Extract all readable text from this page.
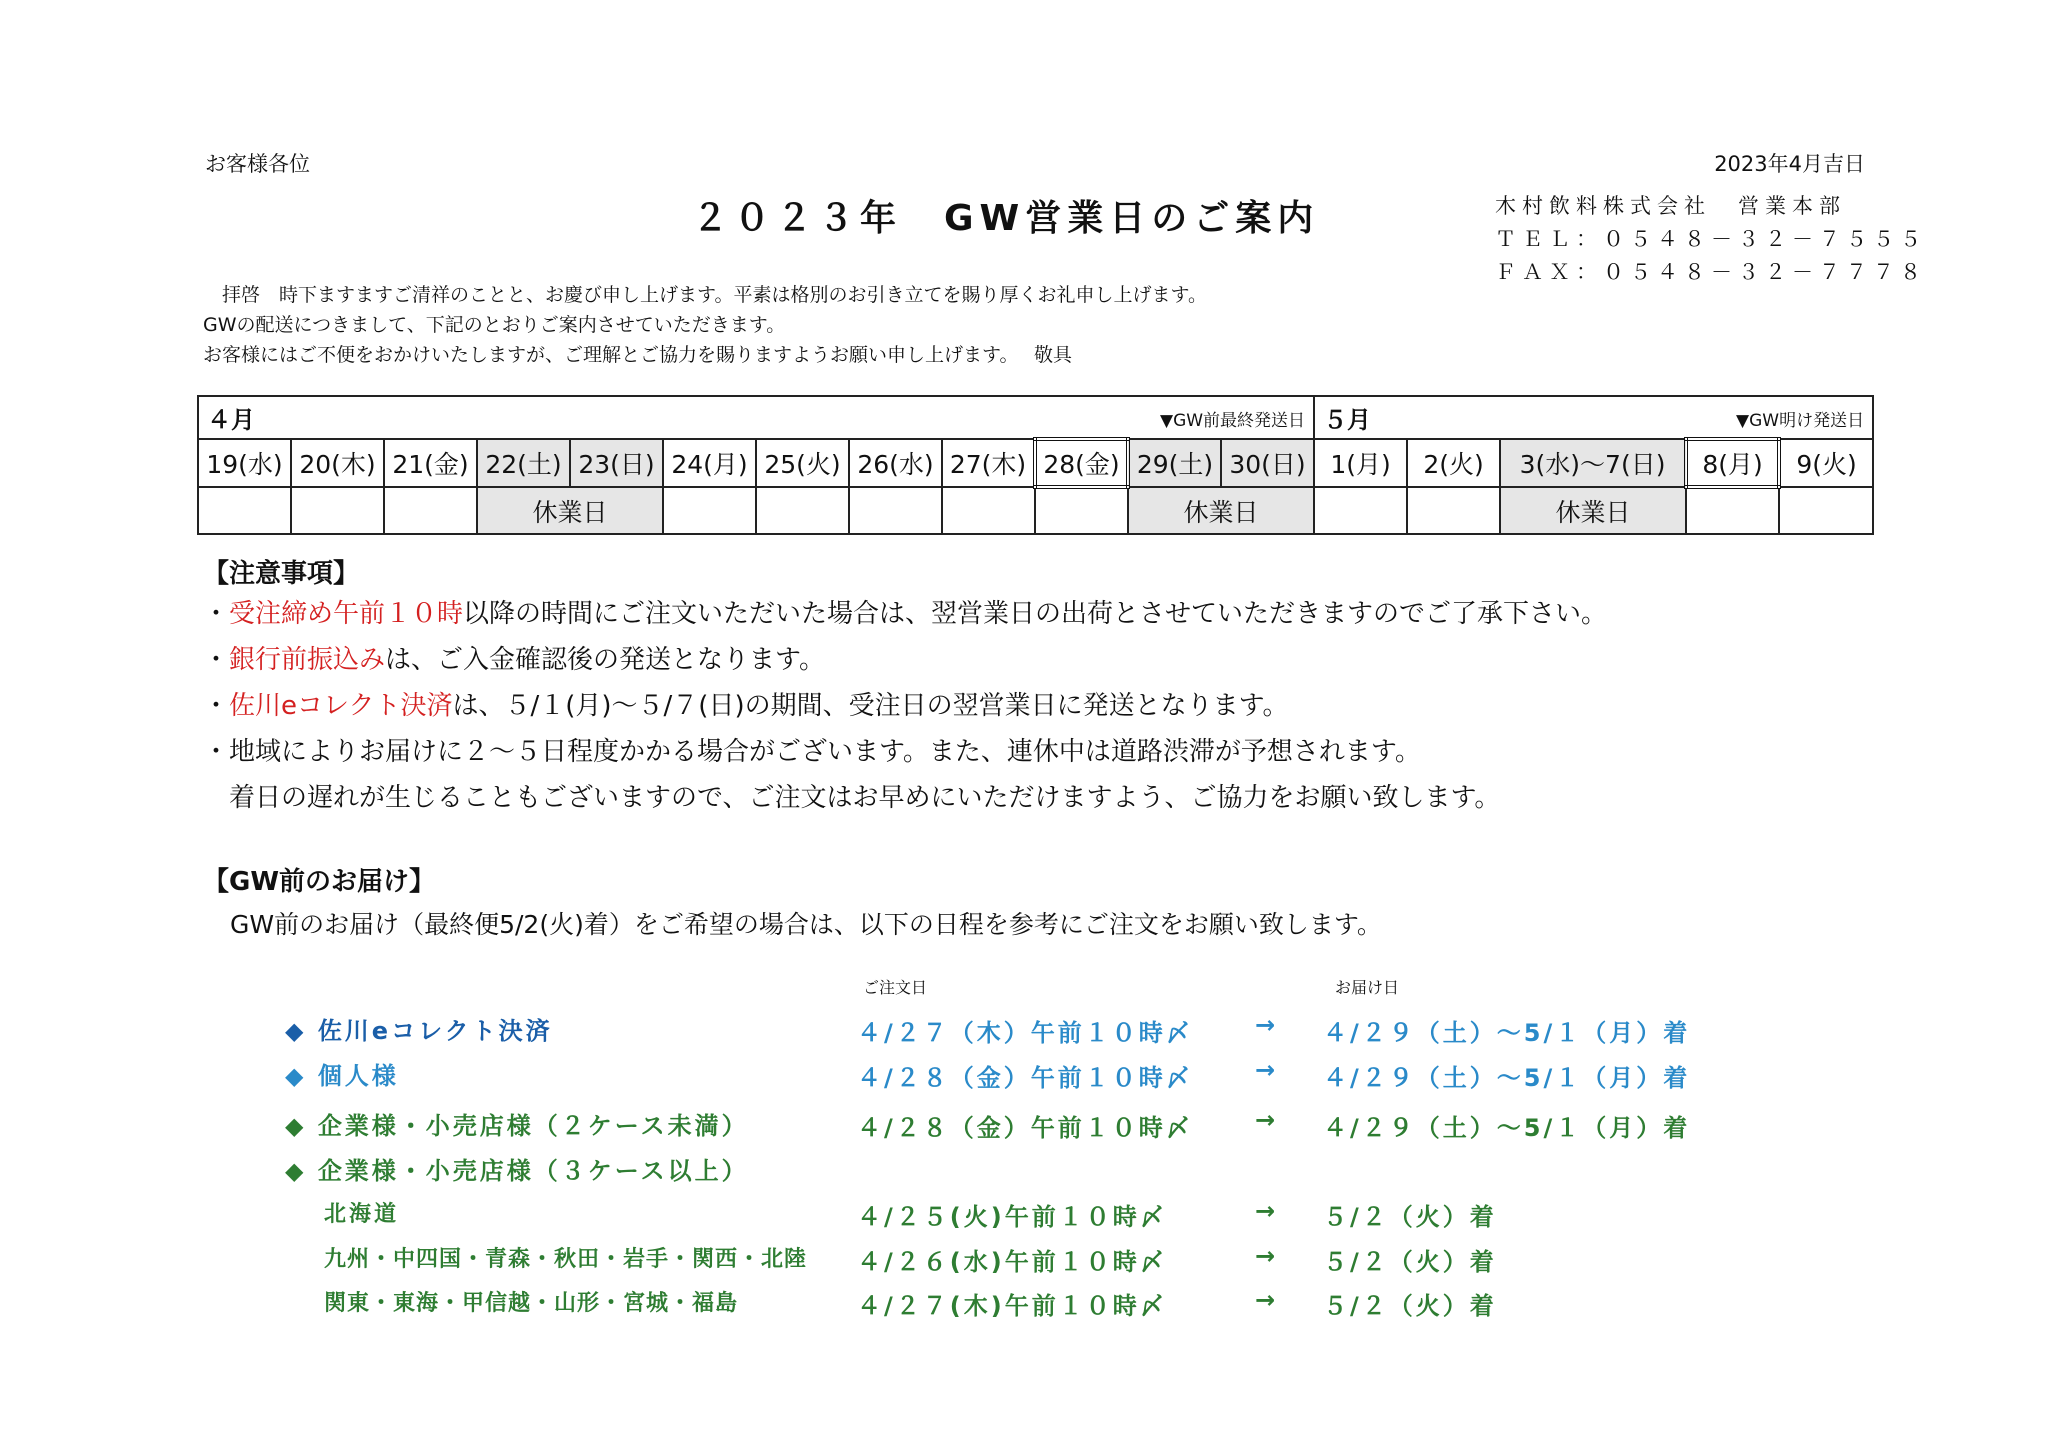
お客様各位	2023年4月吉日
２０２３年　GW営業日のご案内	木村飲料株式会社　営業本部
ＴＥＬ：０５４８－３２－７５５５
ＦＡＸ：０５４８－３２－７７７８
　拝啓　時下ますますご清祥のことと、お慶び申し上げます。平素は格別のお引き立てを賜り厚くお礼申し上げます。
GWの配送につきまして、下記のとおりご案内させていただきます。
お客様にはご不便をおかけいたしますが、ご理解とご協力を賜りますようお願い申し上げます。　 敬具
４月 ▼GW前最終発送日												５月 ▼GW明け発送日				

19(水)	20(木)	21(金)	22(土)	23(日)	24(月)	25(火)	26(水)	27(木)	28(金)	29(土)	30(日)	1(月)	2(火)	3(水)〜7(日)	8(月)	9(火)
			休業日							休業日				休業日		
【注意事項】
・受注締め午前１０時以降の時間にご注文いただいた場合は、翌営業日の出荷とさせていただきますのでご了承下さい。
・銀行前振込みは、ご入金確認後の発送となります。
・佐川eコレクト決済は、５/１(月)〜５/７(日)の期間、受注日の翌営業日に発送となります。
・地域によりお届けに２〜５日程度かかる場合がございます。また、連休中は道路渋滞が予想されます。
着日の遅れが生じることもございますので、ご注文はお早めにいただけますよう、ご協力をお願い致します。
【GW前のお届け】
GW前のお届け（最終便5/2(火)着）をご希望の場合は、以下の日程を参考にご注文をお願い致します。
ご注文日	お届け日
◆ 佐川eコレクト決済	４/２７（木）午前１０時〆	→ ４/２９（土）〜5/１（月）着
◆ 個人様	４/２８（金）午前１０時〆	→ ４/２９（土）〜5/１（月）着
◆ 企業様・小売店様（２ケース未満）	４/２８（金）午前１０時〆	→ ４/２９（土）〜5/１（月）着
◆ 企業様・小売店様（３ケース以上）
北海道	４/２５(火)午前１０時〆	→ ５/２（火）着
九州・中四国・青森・秋田・岩手・関西・北陸 ４/２６(水)午前１０時〆	→ ５/２（火）着
関東・東海・甲信越・山形・宮城・福島	４/２７(木)午前１０時〆	→ ５/２（火）着
